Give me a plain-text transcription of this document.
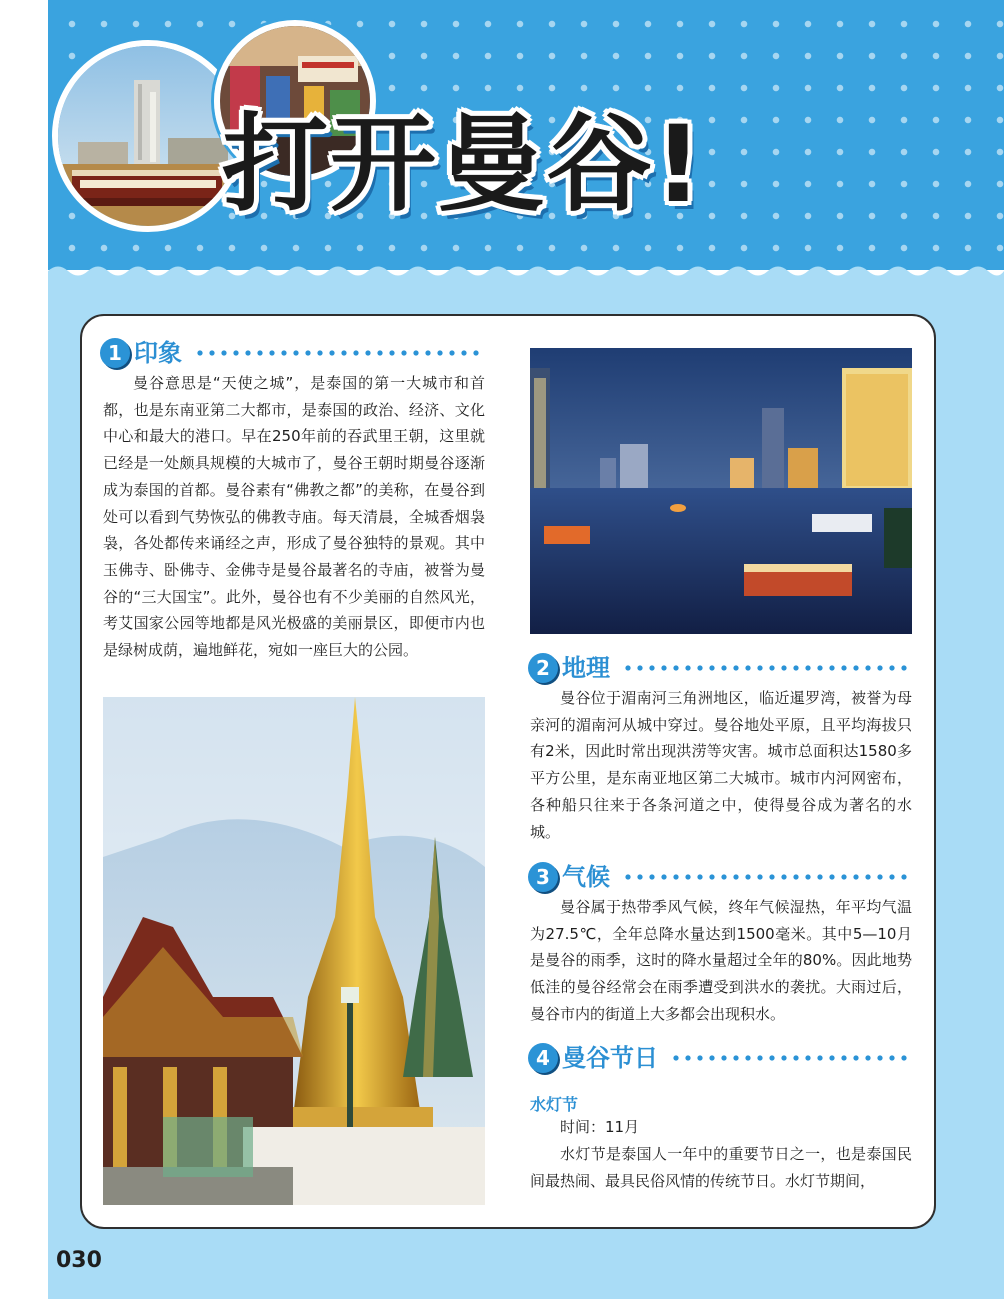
打开曼谷!
1 印象

曼谷意思是“天使之城”，是泰国的第一大城市和首都，也是东南亚第二大都市，是泰国的政治、经济、文化中心和最大的港口。早在250年前的吞武里王朝，这里就已经是一处颇具规模的大城市了，曼谷王朝时期曼谷逐渐成为泰国的首都。曼谷素有“佛教之都”的美称，在曼谷到处可以看到气势恢弘的佛教寺庙。每天清晨，全城香烟袅袅，各处都传来诵经之声，形成了曼谷独特的景观。其中玉佛寺、卧佛寺、金佛寺是曼谷最著名的寺庙，被誉为曼谷的“三大国宝”。此外，曼谷也有不少美丽的自然风光，考艾国家公园等地都是风光极盛的美丽景区，即便市内也是绿树成荫，遍地鲜花，宛如一座巨大的公园。

2 地理

曼谷位于湄南河三角洲地区，临近暹罗湾，被誉为母亲河的湄南河从城中穿过。曼谷地处平原，且平均海拔只有2米，因此时常出现洪涝等灾害。城市总面积达1580多平方公里，是东南亚地区第二大城市。城市内河网密布，各种船只往来于各条河道之中，使得曼谷成为著名的水城。

3 气候

曼谷属于热带季风气候，终年气候湿热，年平均气温为27.5℃，全年总降水量达到1500毫米。其中5—10月是曼谷的雨季，这时的降水量超过全年的80%。因此地势低洼的曼谷经常会在雨季遭受到洪水的袭扰。大雨过后，曼谷市内的街道上大多都会出现积水。

4 曼谷节日
水灯节

时间：11月

水灯节是泰国人一年中的重要节日之一，也是泰国民间最热闹、最具民俗风情的传统节日。水灯节期间，

030
